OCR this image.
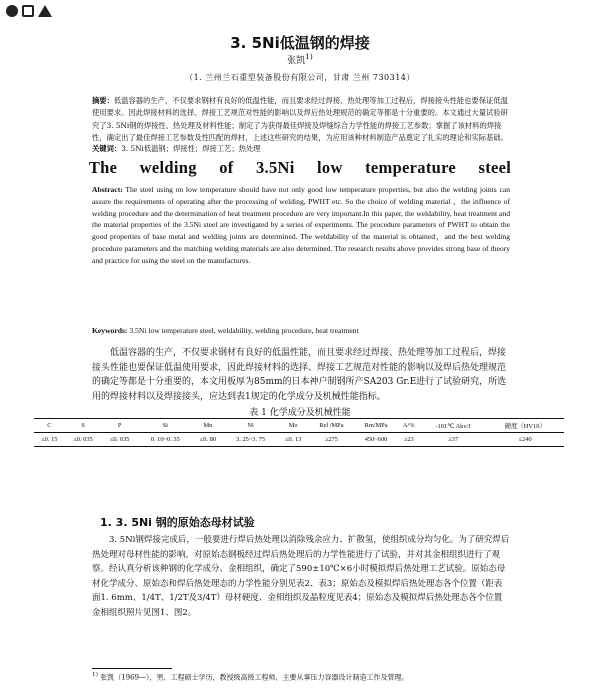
3. 5Ni低温钢的焊接
张凯$^{1)}$
（1. 兰州兰石重型装备股份有限公司，甘肃 兰州 730314）
摘要：低温容器的生产，不仅要求钢材有良好的低温性能，而且要求经过焊接、热处理等加工过程后，焊接接头性能也要保证低温使用要求。因此焊接材料的选择、焊接工艺规范对性能的影响以及焊后热处理规范的确定等都是十分重要的。本文通过大量试验研究了3. 5Ni钢的焊接性、热处理及材料性能；制定了为获得最佳焊接及焊缝综合力学性能的焊接工艺参数；掌握了该材料的焊接性，确定出了最佳焊接工艺参数及性匹配的焊材，上述这些研究的结果，为应用该种材料制造产品奠定了扎实的理论和实际基础。
关键词：3. 5Ni低温钢；焊接性；焊接工艺；热处理
The welding of 3.5Ni low temperature steel
Abstract: The steel using on low temperature should have not only good low temperature properties, but also the welding joints can assure the requirements of operating after the processing of welding, PWHT etc. So the choice of welding material 、the influence of welding procedure and the determination of heat treatment procedure are very important.In this paper, the weldability, heat treatment and the material properties of the 3.5Ni steel are investigated by a series of experiments. The procedure parameters of PWHT to obtain the good properties of base metal and welding joints are determined. The weldability of the material is obtained，and the best welding procedure parameters and the matching welding materials are also determined. The research results above provides strong base of theory and practice for using the steel on the manufactures.
Keywords: 3.5Ni low temperature steel, weldability, welding procedure, heat treatment
低温容器的生产，不仅要求钢材有良好的低温性能，而且要求经过焊接、热处理等加工过程后，焊接接头性能也要保证低温使用要求，因此焊接材料的选择、焊接工艺规范对性能的影响以及焊后热处理规范的确定等都是十分重要的，本文用板厚为85mm的日本神户制钢所产SA203 Gr.E进行了试验研究，所选用的焊接材料以及焊接接头，应达到表1规定的化学成分及机械性能指标。
表 1 化学成分及机械性能
C	S	P	Si	Mn	Ni	Mo	Rel /MPa	Rm/MPa	A/%	-101℃ Akv/J	硬度（HV10）
≤0. 15	≤0. 035	≤0. 035	0. 10~0. 35	≤0. 80	3. 25~3. 75	≤0. 13	≥275	450~600	≥23	≥37	≤240
1. 3. 5Ni 钢的原始态母材试验
3. 5Ni钢焊接完成后，一般要进行焊后热处理以消除残余应力、扩散氢，使组织成分均匀化。为了研究焊后热处理对母材性能的影响，对原始态钢板经过焊后热处理后的力学性能进行了试验，并对其金相组织进行了观察。经认真分析该种钢的化学成分、金相组织，确定了590±10℃×6小时模拟焊后热处理工艺试验。原始态母材化学成分、原始态和焊后热处理态的力学性能分别见表2、表3；原始态及模拟焊后热处理态各个位置（距表面1. 6mm、1/4T、1/2T及3/4T）母材硬度、金相组织及晶粒度见表4；原始态及模拟焊后热处理态各个位置金相组织照片见图1、图2。
$^{1)}$ 张凯（1969—），男，工程硕士学历，教授级高级工程师，主要从事压力容器设计制造工作及管理。
